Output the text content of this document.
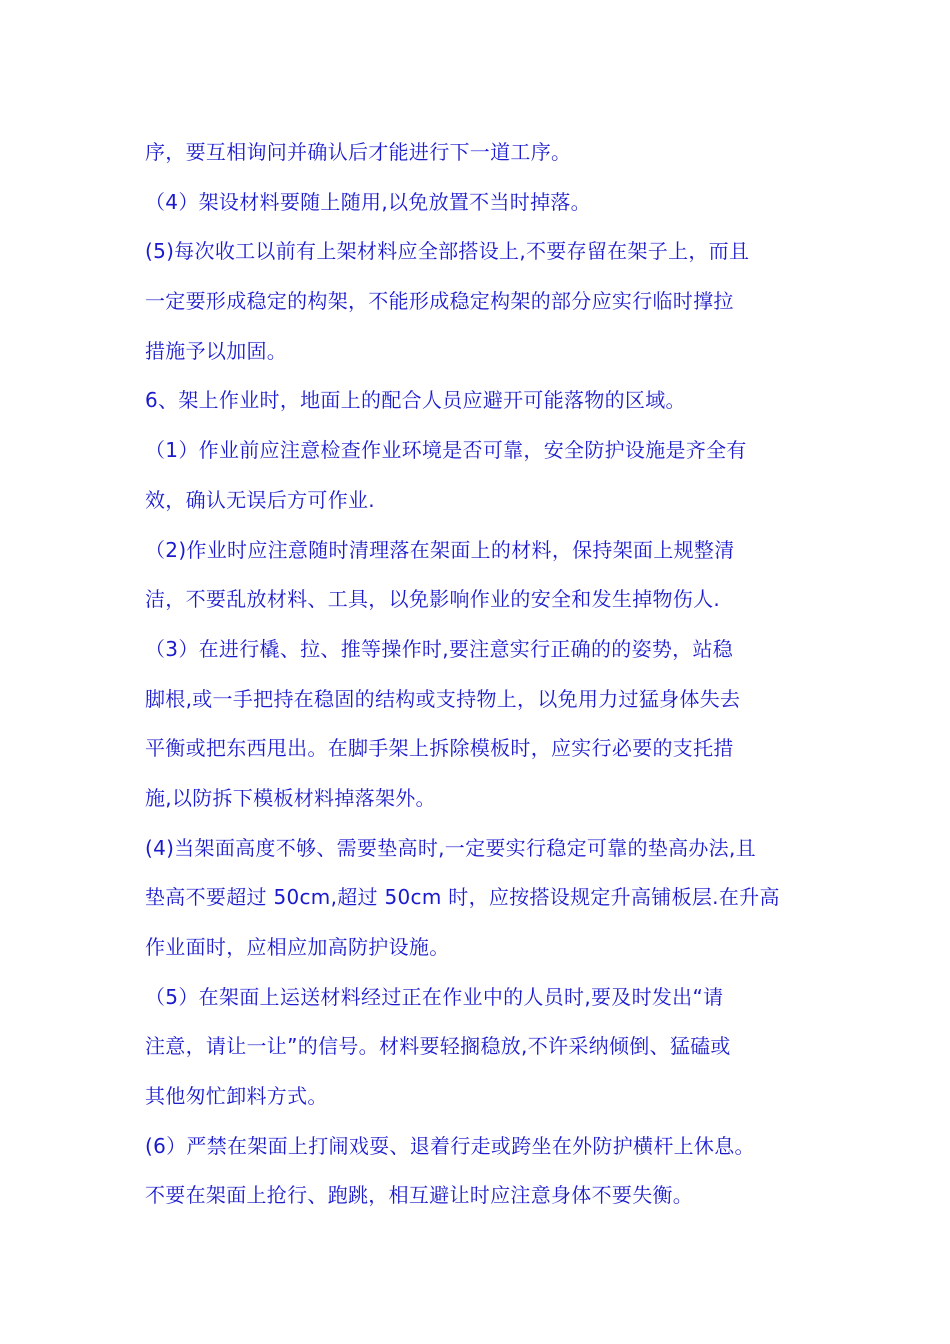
序，要互相询问并确认后才能进行下一道工序。
（4）架设材料要随上随用,以免放置不当时掉落。
(5)每次收工以前有上架材料应全部搭设上,不要存留在架子上，而且
一定要形成稳定的构架，不能形成稳定构架的部分应实行临时撑拉
措施予以加固。
6、架上作业时，地面上的配合人员应避开可能落物的区域。
（1）作业前应注意检查作业环境是否可靠，安全防护设施是齐全有
效，确认无误后方可作业.
（2)作业时应注意随时清理落在架面上的材料，保持架面上规整清
洁，不要乱放材料、工具，以免影响作业的安全和发生掉物伤人.
（3）在进行橇、拉、推等操作时,要注意实行正确的的姿势，站稳
脚根,或一手把持在稳固的结构或支持物上，以免用力过猛身体失去
平衡或把东西甩出。在脚手架上拆除模板时，应实行必要的支托措
施,以防拆下模板材料掉落架外。
(4)当架面高度不够、需要垫高时,一定要实行稳定可靠的垫高办法,且
垫高不要超过 50cm,超过 50cm 时，应按搭设规定升高铺板层.在升高
作业面时，应相应加高防护设施。
（5）在架面上运送材料经过正在作业中的人员时,要及时发出“请
注意，请让一让”的信号。材料要轻搁稳放,不许采纳倾倒、猛磕或
其他匆忙卸料方式。
(6）严禁在架面上打闹戏耍、退着行走或跨坐在外防护横杆上休息。
不要在架面上抢行、跑跳，相互避让时应注意身体不要失衡。
